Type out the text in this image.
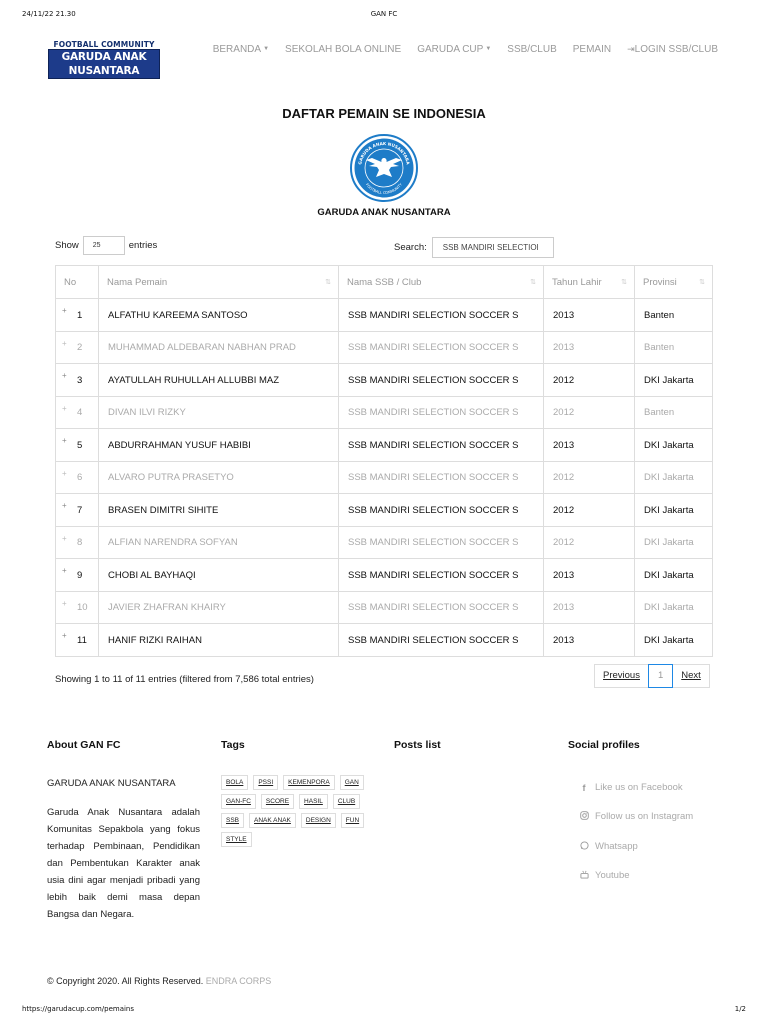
24/11/22 21.30	GAN FC
FOOTBALL COMMUNITY
GARUDA ANAK NUSANTARA
BERANDA ▼ SEKOLAH BOLA ONLINE GARUDA CUP ▼ SSB/CLUB PEMAIN ⇥LOGIN SSB/CLUB
DAFTAR PEMAIN SE INDONESIA
GARUDA ANAK NUSANTARA
FOOTBALL COMMUNITY
GARUDA ANAK NUSANTARA
Show	25	entries	Search:	SSB MANDIRI SELECTIOI
No	Nama Pemain ⇅	Nama SSB / Club ⇅	Tahun Lahir ⇅	Provinsi ⇅

+ 1	ALFATHU KAREEMA SANTOSO	SSB MANDIRI SELECTION SOCCER S	2013	Banten

+ 2	MUHAMMAD ALDEBARAN NABHAN PRAD	SSB MANDIRI SELECTION SOCCER S	2013	Banten

+ 3	AYATULLAH RUHULLAH ALLUBBI MAZ	SSB MANDIRI SELECTION SOCCER S	2012	DKI Jakarta

+ 4	DIVAN ILVI RIZKY	SSB MANDIRI SELECTION SOCCER S	2012	Banten

+ 5	ABDURRAHMAN YUSUF HABIBI	SSB MANDIRI SELECTION SOCCER S	2013	DKI Jakarta

+ 6	ALVARO PUTRA PRASETYO	SSB MANDIRI SELECTION SOCCER S	2012	DKI Jakarta

+ 7	BRASEN DIMITRI SIHITE	SSB MANDIRI SELECTION SOCCER S	2012	DKI Jakarta

+ 8	ALFIAN NARENDRA SOFYAN	SSB MANDIRI SELECTION SOCCER S	2012	DKI Jakarta

+ 9	CHOBI AL BAYHAQI	SSB MANDIRI SELECTION SOCCER S	2013	DKI Jakarta

+ 10	JAVIER ZHAFRAN KHAIRY	SSB MANDIRI SELECTION SOCCER S	2013	DKI Jakarta

+ 11	HANIF RIZKI RAIHAN	SSB MANDIRI SELECTION SOCCER S	2013	DKI Jakarta
Showing 1 to 11 of 11 entries (filtered from 7,586 total entries)	Previous	1	Next
About GAN FC	Tags	Posts list	Social profiles
GARUDA ANAK NUSANTARA
Garuda Anak Nusantara adalah Komunitas Sepakbola yang fokus terhadap Pembinaan, Pendidikan dan Pembentukan Karakter anak usia dini agar menjadi pribadi yang lebih baik demi masa depan Bangsa dan Negara.
BOLA	PSSI	KEMENPORA	GAN
GAN-FC	SCORE	HASIL	CLUB
SSB	ANAK ANAK	DESIGN	FUN
STYLE
f	Like us on Facebook
Follow us on Instagram
Whatsapp
Youtube
© Copyright 2020. All Rights Reserved. ENDRA CORPS
https://garudacup.com/pemains	1/2
